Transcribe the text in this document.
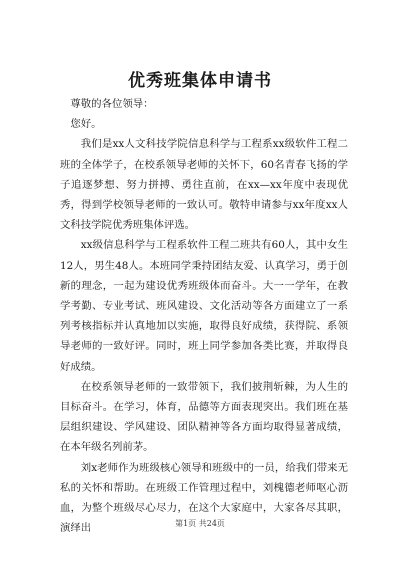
优秀班集体申请书

尊敬的各位领导：

您好。

我们是xx人文科技学院信息科学与工程系xx级软件工程二班的全体学子，在校系领导老师的关怀下，60名青春飞扬的学子追逐梦想、努力拼搏、勇往直前，在xx—xx年度中表现优秀，得到学校领导老师的一致认可。敬特申请参与xx年度xx人文科技学院优秀班集体评选。

xx级信息科学与工程系软件工程二班共有60人，其中女生12人，男生48人。本班同学秉持团结友爱、认真学习，勇于创新的理念，一起为建设优秀班级体而奋斗。大一一学年，在教学考勤、专业考试、班风建设、文化活动等各方面建立了一系列考核指标并认真地加以实施，取得良好成绩，获得院、系领导老师的一致好评。同时，班上同学参加各类比赛，并取得良好成绩。

在校系领导老师的一致带领下，我们披荆斩棘，为人生的目标奋斗。在学习，体育，品德等方面表现突出。我们班在基层组织建设、学风建设、团队精神等各方面均取得显著成绩，在本年级名列前茅。

刘x老师作为班级核心领导和班级中的一员，给我们带来无私的关怀和帮助。在班级工作管理过程中，刘槐德老师呕心沥血，为整个班级尽心尽力，在这个大家庭中，大家各尽其职，演绎出	第1页 共24页
